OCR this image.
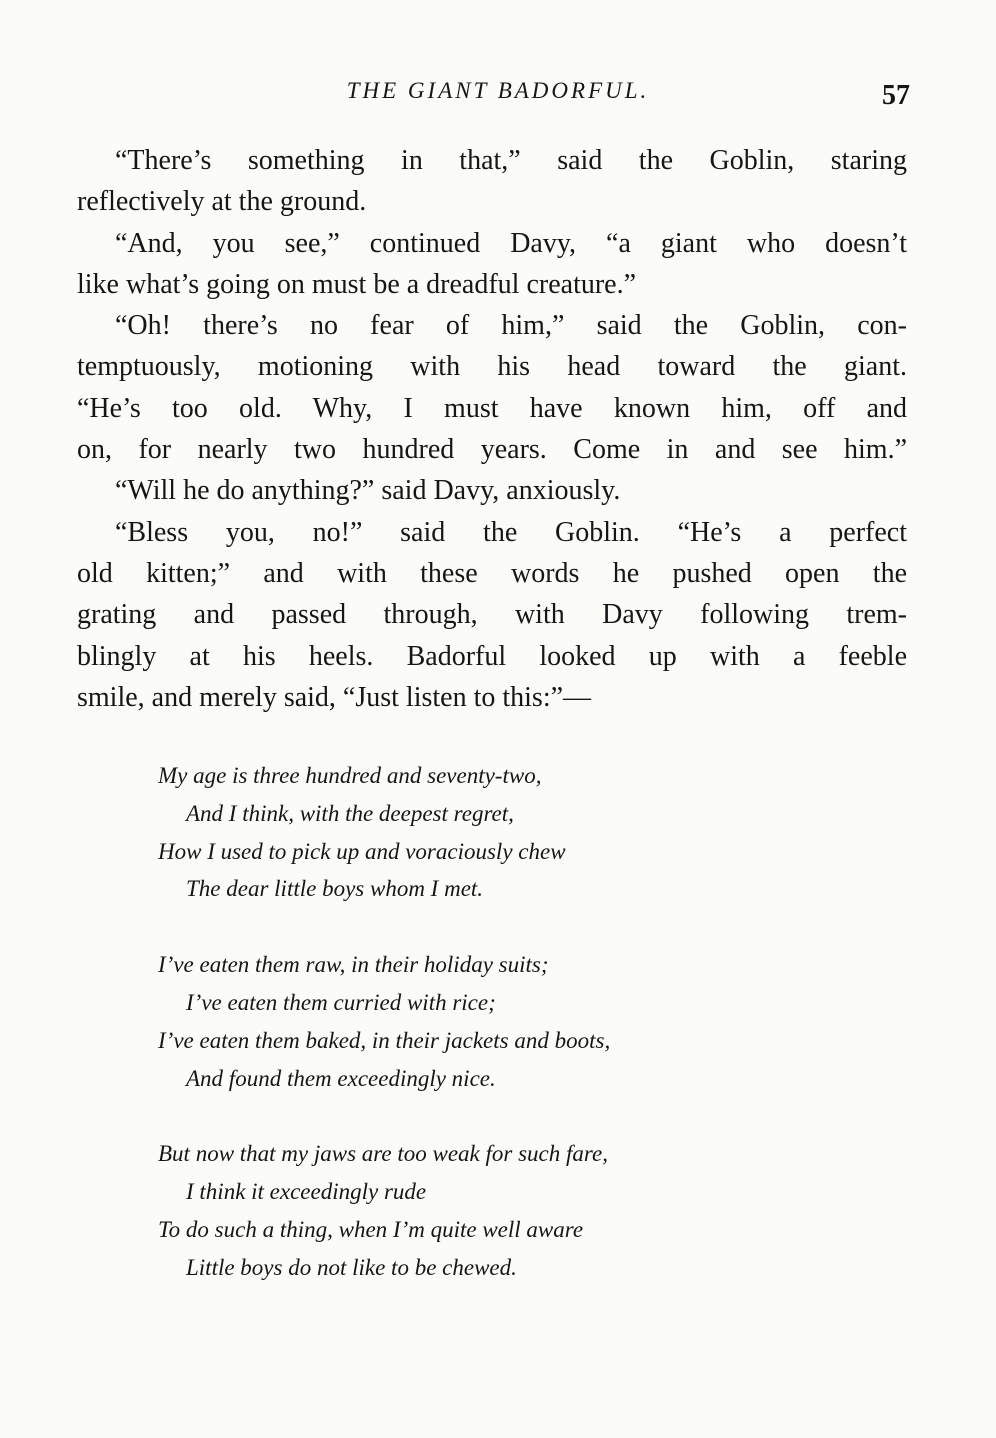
THE GIANT BADORFUL.	57
“There’s something in that,” said the Goblin, staring
reflectively at the ground.
“And, you see,” continued Davy, “a giant who doesn’t
like what’s going on must be a dreadful creature.”
“Oh! there’s no fear of him,” said the Goblin, con-
temptuously, motioning with his head toward the giant.
“He’s too old. Why, I must have known him, off and
on, for nearly two hundred years. Come in and see him.”
“Will he do anything?” said Davy, anxiously.
“Bless you, no!” said the Goblin. “He’s a perfect
old kitten;” and with these words he pushed open the
grating and passed through, with Davy following trem-
blingly at his heels. Badorful looked up with a feeble
smile, and merely said, “Just listen to this:”—
My age is three hundred and seventy-two,
And I think, with the deepest regret,
How I used to pick up and voraciously chew
The dear little boys whom I met.
I’ve eaten them raw, in their holiday suits;
I’ve eaten them curried with rice;
I’ve eaten them baked, in their jackets and boots,
And found them exceedingly nice.
But now that my jaws are too weak for such fare,
I think it exceedingly rude
To do such a thing, when I’m quite well aware
Little boys do not like to be chewed.
